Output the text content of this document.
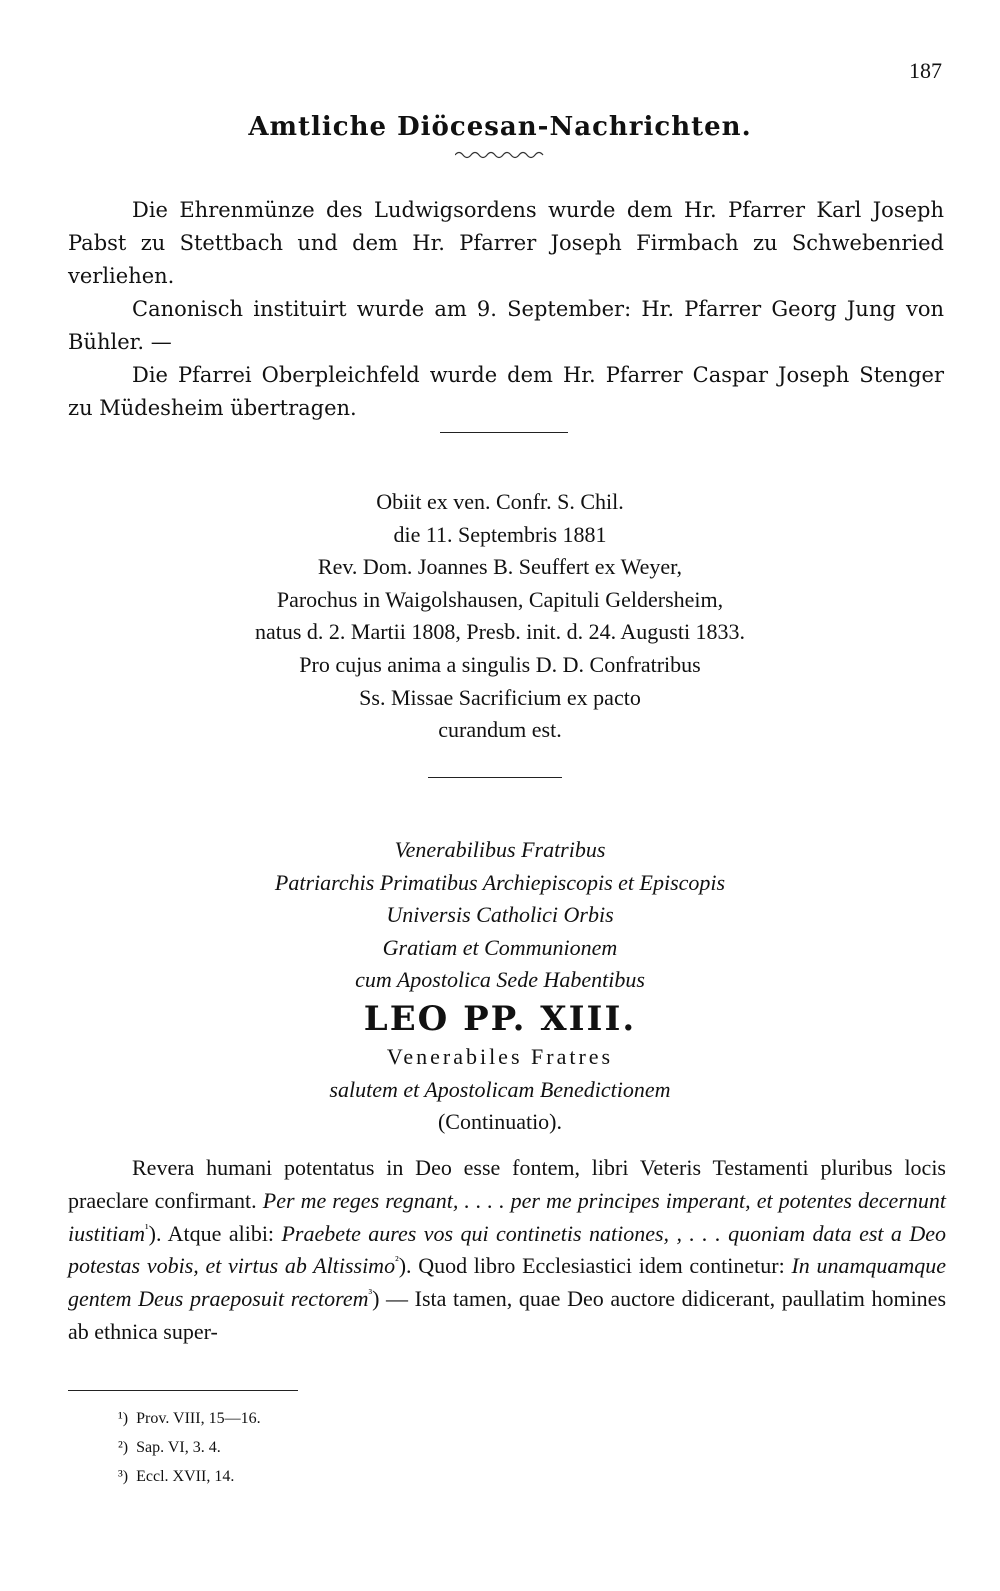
187
Amtliche Diöcesan-Nachrichten.
Die Ehrenmünze des Ludwigsordens wurde dem Hr. Pfarrer Karl Joseph Pabst zu Stettbach und dem Hr. Pfarrer Joseph Firmbach zu Schwebenried verliehen.
Canonisch instituirt wurde am 9. September: Hr. Pfarrer Georg Jung von Bühler. —
Die Pfarrei Oberpleichfeld wurde dem Hr. Pfarrer Caspar Joseph Stenger zu Müdesheim übertragen.
Obiit ex ven. Confr. S. Chil.
die 11. Septembris 1881
Rev. Dom. Joannes B. Seuffert ex Weyer,
Parochus in Waigolshausen, Capituli Geldersheim,
natus d. 2. Martii 1808, Presb. init. d. 24. Augusti 1833.
Pro cujus anima a singulis D. D. Confratribus
Ss. Missae Sacrificium ex pacto
curandum est.
Venerabilibus Fratribus
Patriarchis Primatibus Archiepiscopis et Episcopis
Universis Catholici Orbis
Gratiam et Communionem
cum Apostolica Sede Habentibus
LEO PP. XIII.
Venerabiles Fratres
salutem et Apostolicam Benedictionem
(Continuatio).
Revera humani potentatus in Deo esse fontem, libri Veteris Testamenti pluribus locis praeclare confirmant. Per me reges regnant, . . . . per me principes imperant, et potentes decernunt iustitiam$^{^1}$). Atque alibi: Praebete aures vos qui continetis nationes, , . . . quoniam data est a Deo potestas vobis, et virtus ab Altissimo$^{^2}$). Quod libro Ecclesiastici idem continetur: In unamquamque gentem Deus praeposuit rectorem$^{^3}$) — Ista tamen, quae Deo auctore didicerant, paullatim homines ab ethnica super-
¹) Prov. VIII, 15—16.
²) Sap. VI, 3. 4.
³) Eccl. XVII, 14.
